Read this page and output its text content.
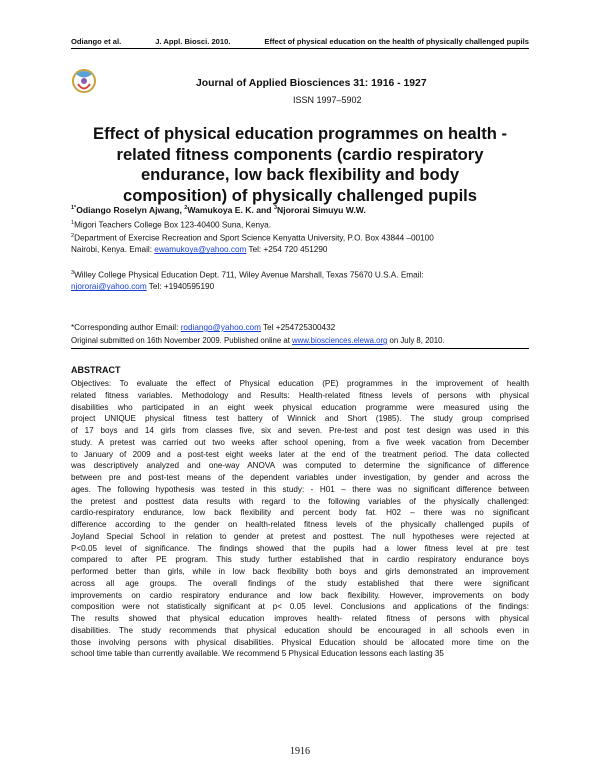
Odiango et al.	J. Appl. Biosci. 2010.	Effect of physical education on the health of physically challenged pupils
Journal of Applied Biosciences 31: 1916 - 1927
ISSN 1997–5902
Effect of physical education programmes on health -related fitness components (cardio respiratory endurance, low back flexibility and body composition) of physically challenged pupils
$^{1*}$Odiango Roselyn Ajwang, $^2$Wamukoya E. K. and $^3$Njororai Simuyu W.W.
$^1$Migori Teachers College Box 123-40400 Suna, Kenya.
$^2$Department of Exercise Recreation and Sport Science Kenyatta University, P.O. Box 43844 –00100
Nairobi, Kenya. Email: ewamukoya@yahoo.com Tel: +254 720 451290
$^3$Willey College Physical Education Dept. 711, Wiley Avenue Marshall, Texas 75670 U.S.A. Email:
njororai@yahoo.com Tel: +1940595190
*Corresponding author Email: rodiango@yahoo.com Tel +254725300432
Original submitted on 16th November 2009. Published online at www.biosciences.elewa.org on July 8, 2010.
ABSTRACT

Objectives: To evaluate the effect of Physical education (PE) programmes in the improvement of health

related fitness variables. Methodology and Results: Health-related fitness levels of persons with physical

disabilities who participated in an eight week physical education programme were measured using the

project UNIQUE physical fitness test battery of Winnick and Short (1985). The study group comprised

of 17 boys and 14 girls from classes five, six and seven. Pre-test and post test design was used in this

study. A pretest was carried out two weeks after school opening, from a five week vacation from December

to January of 2009 and a post-test eight weeks later at the end of the treatment period. The data collected

was descriptively analyzed and one-way ANOVA was computed to determine the significance of difference

between pre and post-test means of the dependent variables under investigation, by gender and across the

ages. The following hypothesis was tested in this study: - H01 – there was no significant difference between

the pretest and posttest data results with regard to the following variables of the physically challenged:

cardio-respiratory endurance, low back flexibility and percent body fat. H02 – there was no significant

difference according to the gender on health-related fitness levels of the physically challenged pupils of

Joyland Special School in relation to gender at pretest and posttest. The null hypotheses were rejected at

P<0.05 level of significance. The findings showed that the pupils had a lower fitness level at pre test

compared to after PE program. This study further established that in cardio respiratory endurance boys

performed better than girls, while in low back flexibility both boys and girls demonstrated an improvement

across all age groups. The overall findings of the study established that there were significant

improvements on cardio respiratory endurance and low back flexibility. However, improvements on body

composition were not statistically significant at p< 0.05 level. Conclusions and applications of the findings:

The results showed that physical education improves health- related fitness of persons with physical

disabilities. The study recommends that physical education should be encouraged in all schools even in

those involving persons with physical disabilities. Physical Education should be allocated more time on the

school time table than currently available. We recommend 5 Physical Education lessons each lasting 35

1916
